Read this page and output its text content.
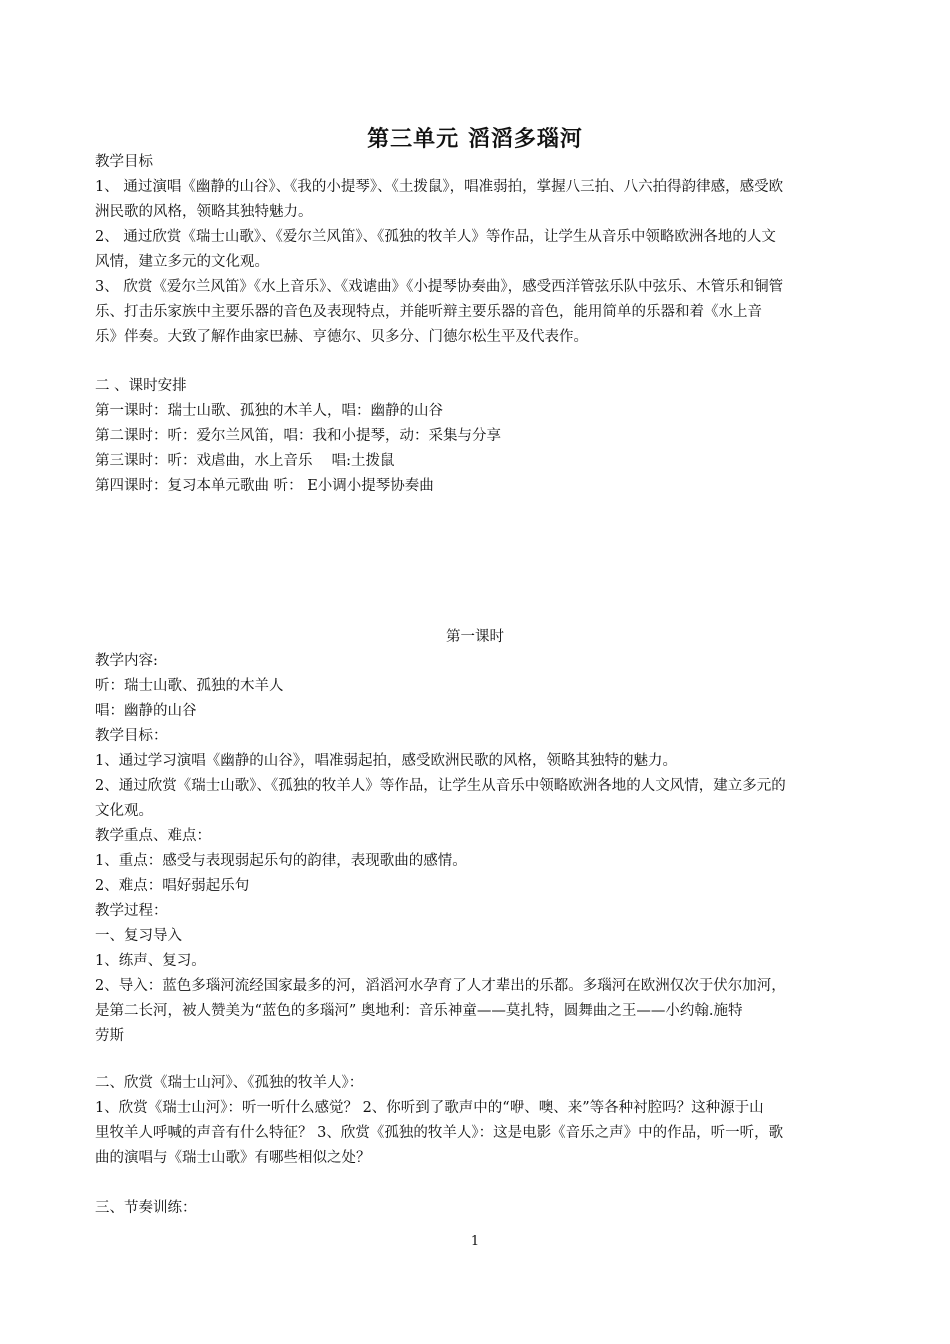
第三单元 滔滔多瑙河
教学目标
1、 通过演唱《幽静的山谷》、《我的小提琴》、《土拨鼠》，唱准弱拍，掌握八三拍、八六拍得韵律感，感受欧
洲民歌的风格，领略其独特魅力。
2、 通过欣赏《瑞士山歌》、《爱尔兰风笛》、《孤独的牧羊人》等作品，让学生从音乐中领略欧洲各地的人文
风情，建立多元的文化观。
3、 欣赏《爱尔兰风笛》《水上音乐》、《戏谑曲》《小提琴协奏曲》，感受西洋管弦乐队中弦乐、木管乐和铜管
乐、打击乐家族中主要乐器的音色及表现特点，并能听辩主要乐器的音色，能用简单的乐器和着《水上音
乐》伴奏。大致了解作曲家巴赫、亨德尔、贝多分、门德尔松生平及代表作。
二 、课时安排
第一课时：瑞士山歌、孤独的木羊人，唱：幽静的山谷
第二课时：听：爱尔兰风笛，唱：我和小提琴，动：采集与分享
第三课时：听：戏虐曲，水上音乐　 唱:土拨鼠
第四课时：复习本单元歌曲 听： E小调小提琴协奏曲
第一课时
教学内容:
听：瑞士山歌、孤独的木羊人
唱：幽静的山谷
教学目标：
1、通过学习演唱《幽静的山谷》，唱准弱起拍，感受欧洲民歌的风格，领略其独特的魅力。
2、通过欣赏《瑞士山歌》、《孤独的牧羊人》等作品，让学生从音乐中领略欧洲各地的人文风情，建立多元的
文化观。
教学重点、难点：
1、重点：感受与表现弱起乐句的韵律，表现歌曲的感情。
2、难点：唱好弱起乐句
教学过程：
一、复习导入
1、练声、复习。
2、导入：蓝色多瑙河流经国家最多的河，滔滔河水孕育了人才辈出的乐都。多瑙河在欧洲仅次于伏尔加河，
是第二长河，被人赞美为“蓝色的多瑙河” 奥地利：音乐神童——莫扎特，圆舞曲之王——小约翰.施特
劳斯
二、欣赏《瑞士山河》、《孤独的牧羊人》：
1、欣赏《瑞士山河》：听一听什么感觉？ 2、你听到了歌声中的“咿、噢、来”等各种衬腔吗？这种源于山
里牧羊人呼喊的声音有什么特征？ 3、欣赏《孤独的牧羊人》：这是电影《音乐之声》中的作品，听一听，歌
曲的演唱与《瑞士山歌》有哪些相似之处？
三、节奏训练：
1
